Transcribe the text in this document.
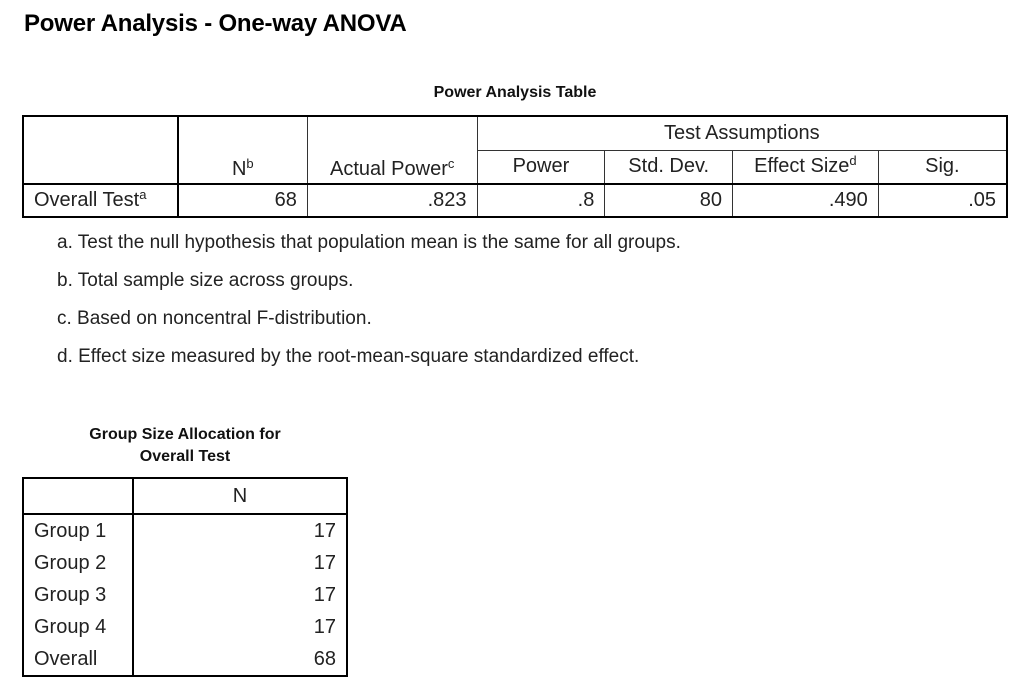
Power Analysis - One-way ANOVA
Power Analysis Table
	$N^b$	Actual Power$^c$	Test Assumptions			
			Power	Std. Dev.	Effect Size$^d$	Sig.
Overall Test$^a$	68	.823	.8	80	.490	.05
a. Test the null hypothesis that population mean is the same for all groups.
b. Total sample size across groups.
c. Based on noncentral F-distribution.
d. Effect size measured by the root-mean-square standardized effect.
Group Size Allocation for
Overall Test
	N
Group 1	17
Group 2	17
Group 3	17
Group 4	17
Overall	68
